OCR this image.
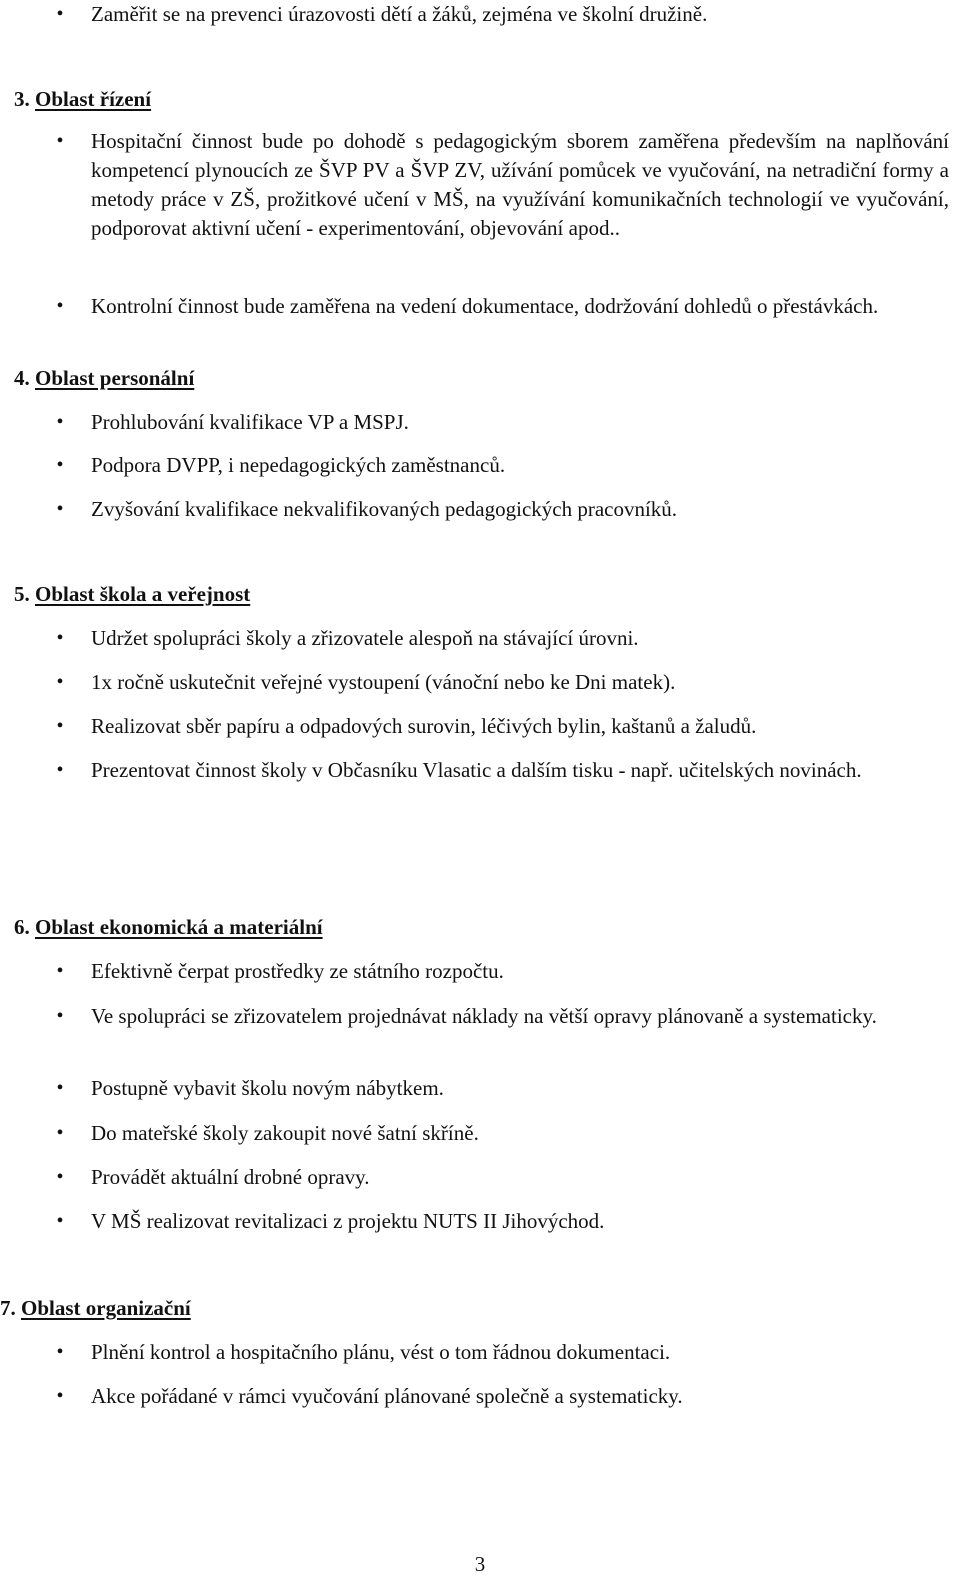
• Zaměřit se na prevenci úrazovosti dětí a žáků, zejména ve školní družině.
3. Oblast řízení
• Hospitační činnost bude po dohodě s pedagogickým sborem zaměřena především na naplňování kompetencí plynoucích ze ŠVP PV a ŠVP ZV, užívání pomůcek ve vyučování, na netradiční formy a metody práce v ZŠ, prožitkové učení v MŠ, na využívání komunikačních technologií ve vyučování, podporovat aktivní učení - experimentování, objevování apod..
• Kontrolní činnost bude zaměřena na vedení dokumentace, dodržování dohledů o přestávkách.
4. Oblast personální
• Prohlubování kvalifikace VP a MSPJ.
• Podpora DVPP, i nepedagogických zaměstnanců.
• Zvyšování kvalifikace nekvalifikovaných pedagogických pracovníků.
5. Oblast škola a veřejnost
• Udržet spolupráci školy a zřizovatele alespoň na stávající úrovni.
• 1x ročně uskutečnit veřejné vystoupení (vánoční nebo ke Dni matek).
• Realizovat sběr papíru a odpadových surovin, léčivých bylin, kaštanů a žaludů.
• Prezentovat činnost školy v Občasníku Vlasatic a dalším tisku - např. učitelských novinách.
6. Oblast ekonomická a materiální
• Efektivně čerpat prostředky ze státního rozpočtu.
• Ve spolupráci se zřizovatelem projednávat náklady na větší opravy plánovaně a systematicky.
• Postupně vybavit školu novým nábytkem.
• Do mateřské školy zakoupit nové šatní skříně.
• Provádět aktuální drobné opravy.
• V MŠ realizovat revitalizaci z projektu NUTS II Jihovýchod.
7. Oblast organizační
• Plnění kontrol a hospitačního plánu, vést o tom řádnou dokumentaci.
• Akce pořádané v rámci vyučování plánované společně a systematicky.
3
